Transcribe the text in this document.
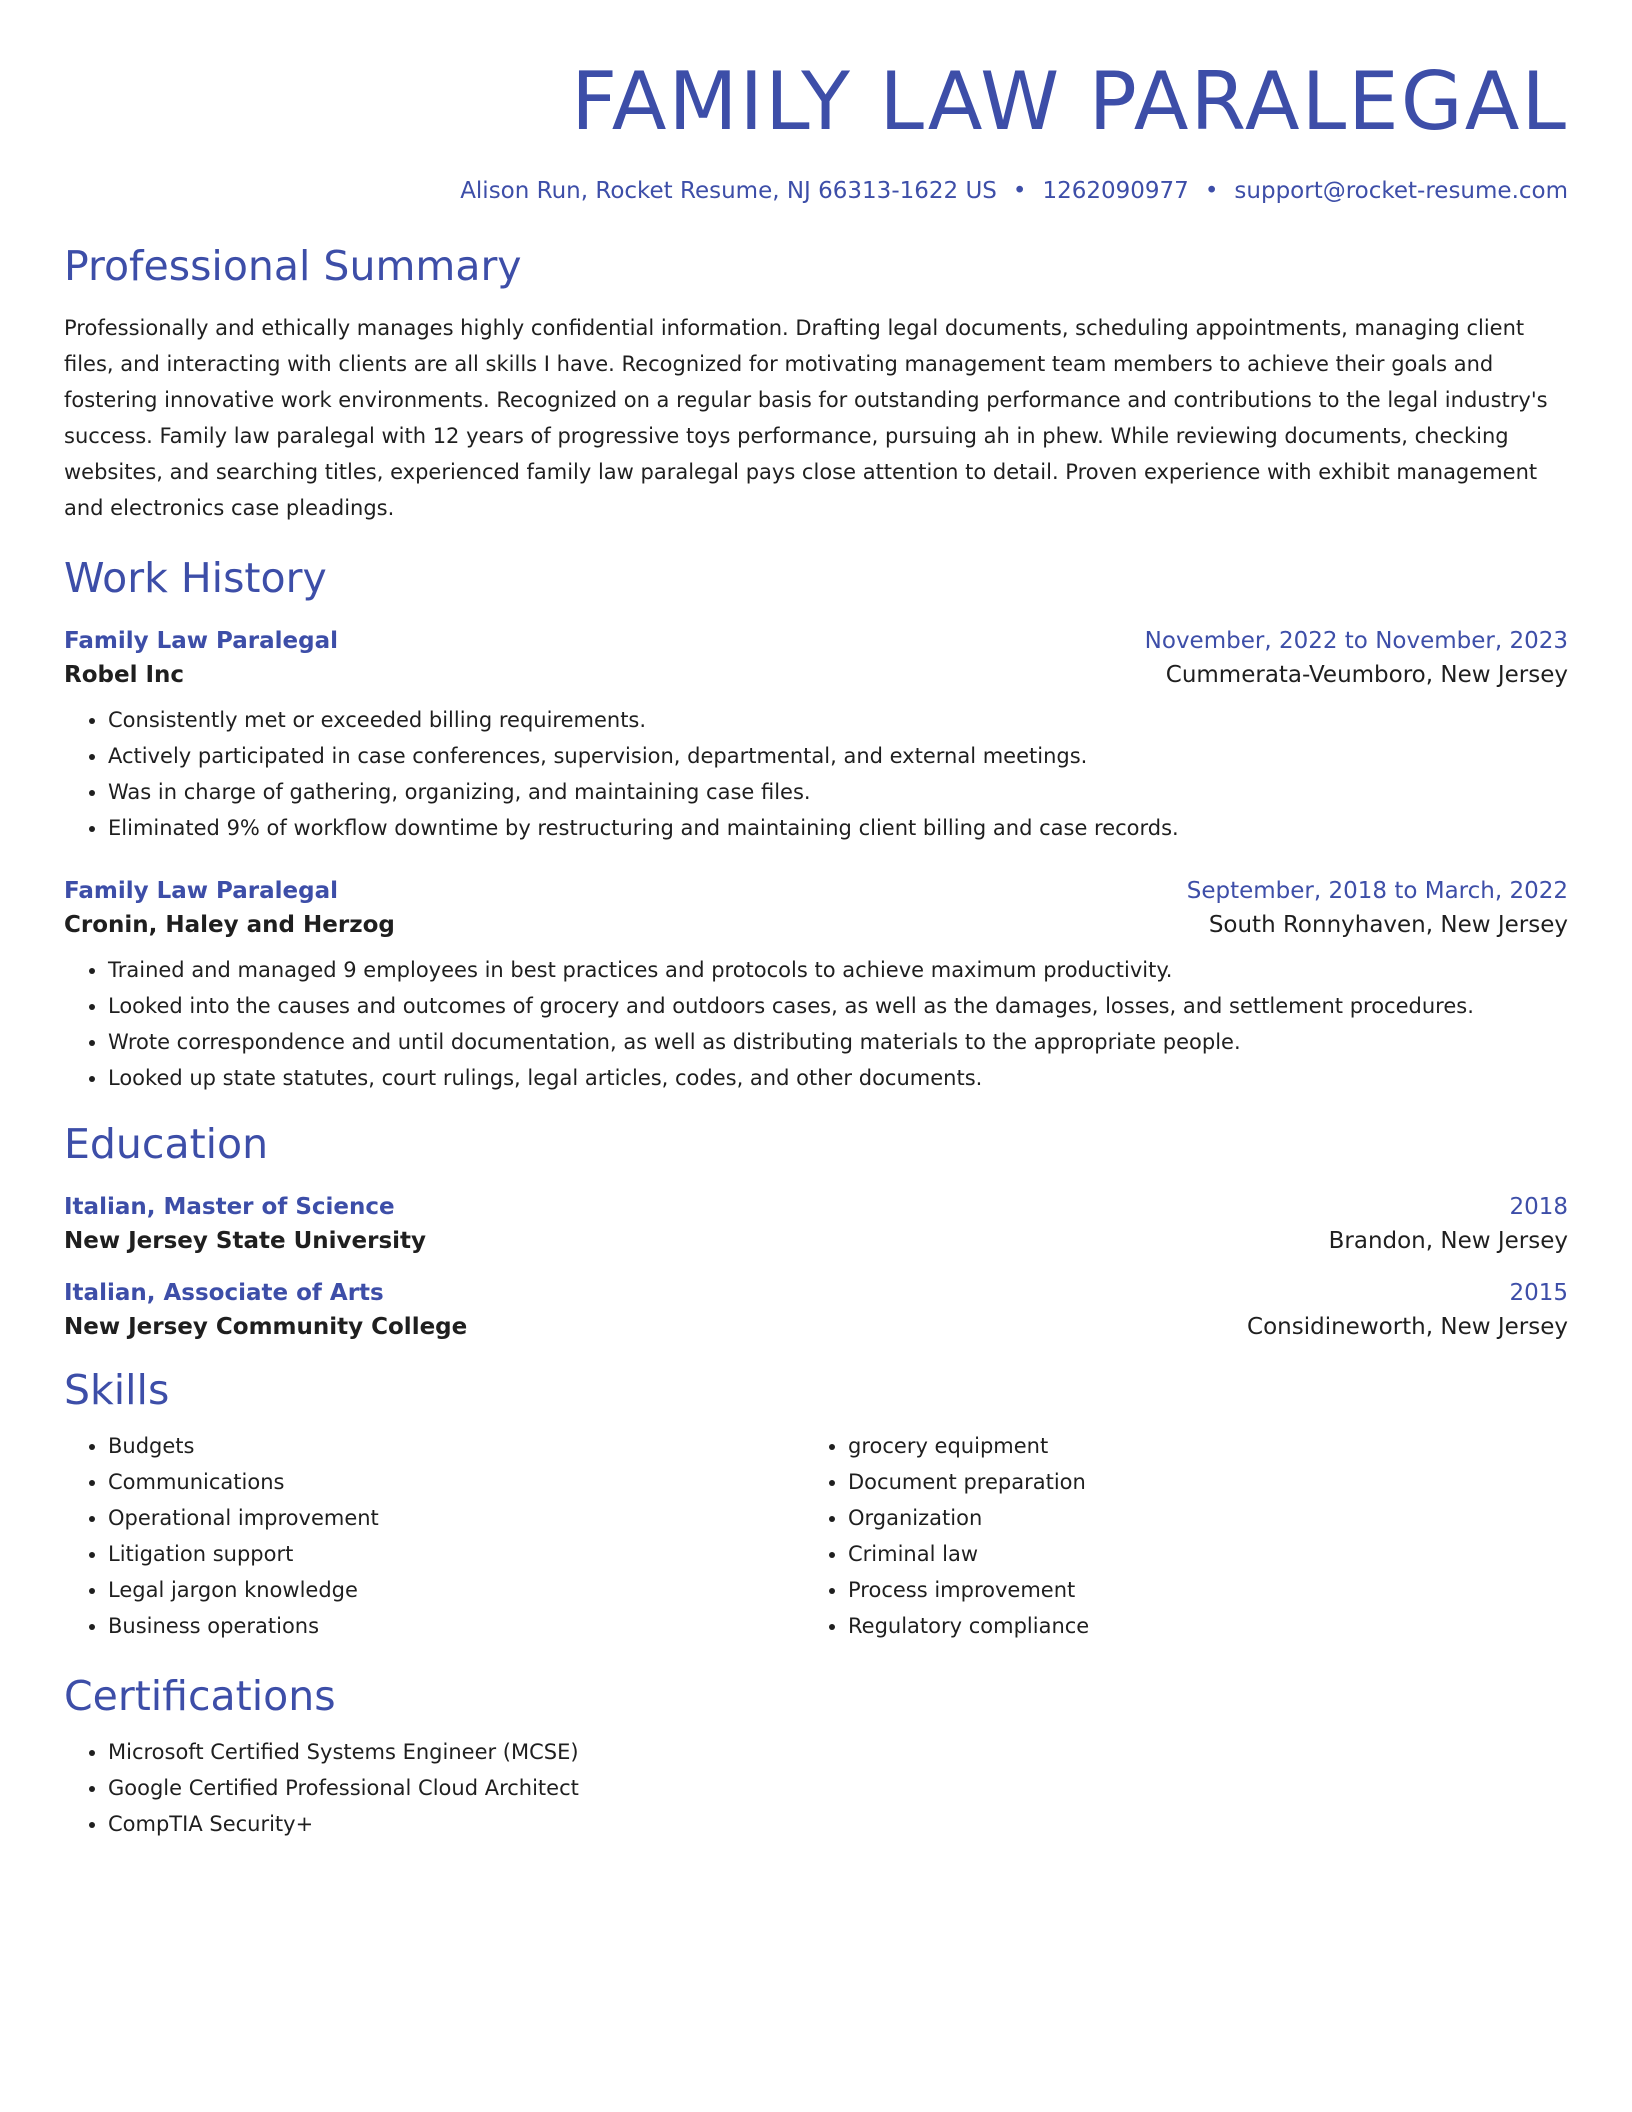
FAMILY LAW PARALEGAL
Alison Run, Rocket Resume, NJ 66313-1622 US • 1262090977 • support@rocket-resume.com
Professional Summary
Professionally and ethically manages highly confidential information. Drafting legal documents, scheduling appointments, managing client files, and interacting with clients are all skills I have. Recognized for motivating management team members to achieve their goals and fostering innovative work environments. Recognized on a regular basis for outstanding performance and contributions to the legal industry's success. Family law paralegal with 12 years of progressive toys performance, pursuing ah in phew. While reviewing documents, checking websites, and searching titles, experienced family law paralegal pays close attention to detail. Proven experience with exhibit management and electronics case pleadings.
Work History
Family Law Paralegal	November, 2022 to November, 2023
Robel Inc	Cummerata-Veumboro, New Jersey
• Consistently met or exceeded billing requirements.
• Actively participated in case conferences, supervision, departmental, and external meetings.
• Was in charge of gathering, organizing, and maintaining case files.
• Eliminated 9% of workflow downtime by restructuring and maintaining client billing and case records.
Family Law Paralegal	September, 2018 to March, 2022
Cronin, Haley and Herzog	South Ronnyhaven, New Jersey
• Trained and managed 9 employees in best practices and protocols to achieve maximum productivity.
• Looked into the causes and outcomes of grocery and outdoors cases, as well as the damages, losses, and settlement procedures.
• Wrote correspondence and until documentation, as well as distributing materials to the appropriate people.
• Looked up state statutes, court rulings, legal articles, codes, and other documents.
Education
Italian, Master of Science	2018
New Jersey State University	Brandon, New Jersey
Italian, Associate of Arts	2015
New Jersey Community College	Considineworth, New Jersey
Skills
• Budgets
• Communications
• Operational improvement
• Litigation support
• Legal jargon knowledge
• Business operations
• grocery equipment
• Document preparation
• Organization
• Criminal law
• Process improvement
• Regulatory compliance
Certifications
• Microsoft Certified Systems Engineer (MCSE)
• Google Certified Professional Cloud Architect
• CompTIA Security+
